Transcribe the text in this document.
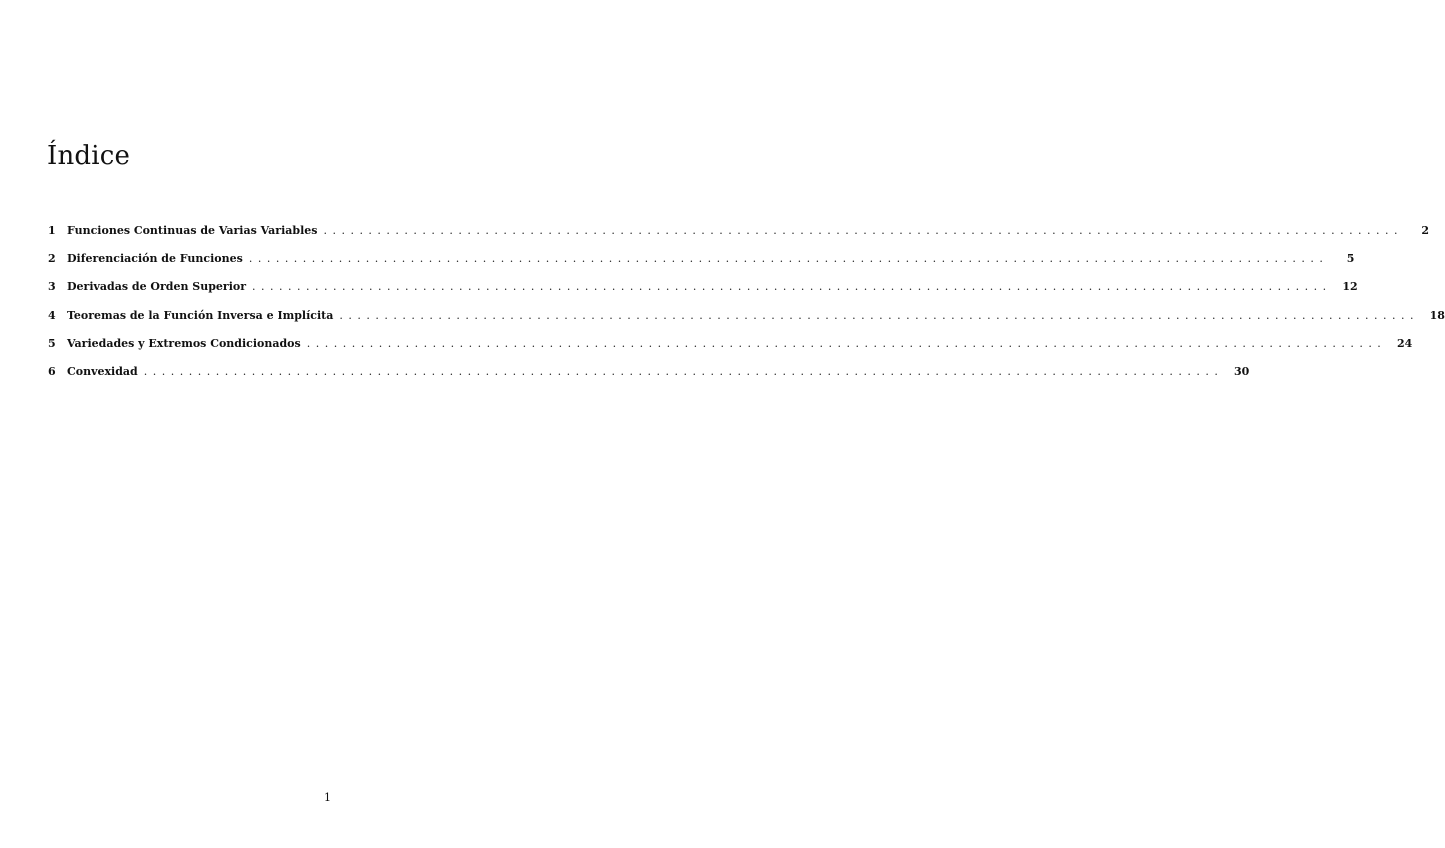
Índice
1	Funciones Continuas de Varias Variables ........................................................................................................................	2
2	Diferenciación de Funciones ........................................................................................................................	5
3	Derivadas de Orden Superior ........................................................................................................................ 12
4	Teoremas de la Función Inversa e Implícita ........................................................................................................................ 18
5	Variedades y Extremos Condicionados ........................................................................................................................ 24
6	Convexidad ........................................................................................................................ 30
1
